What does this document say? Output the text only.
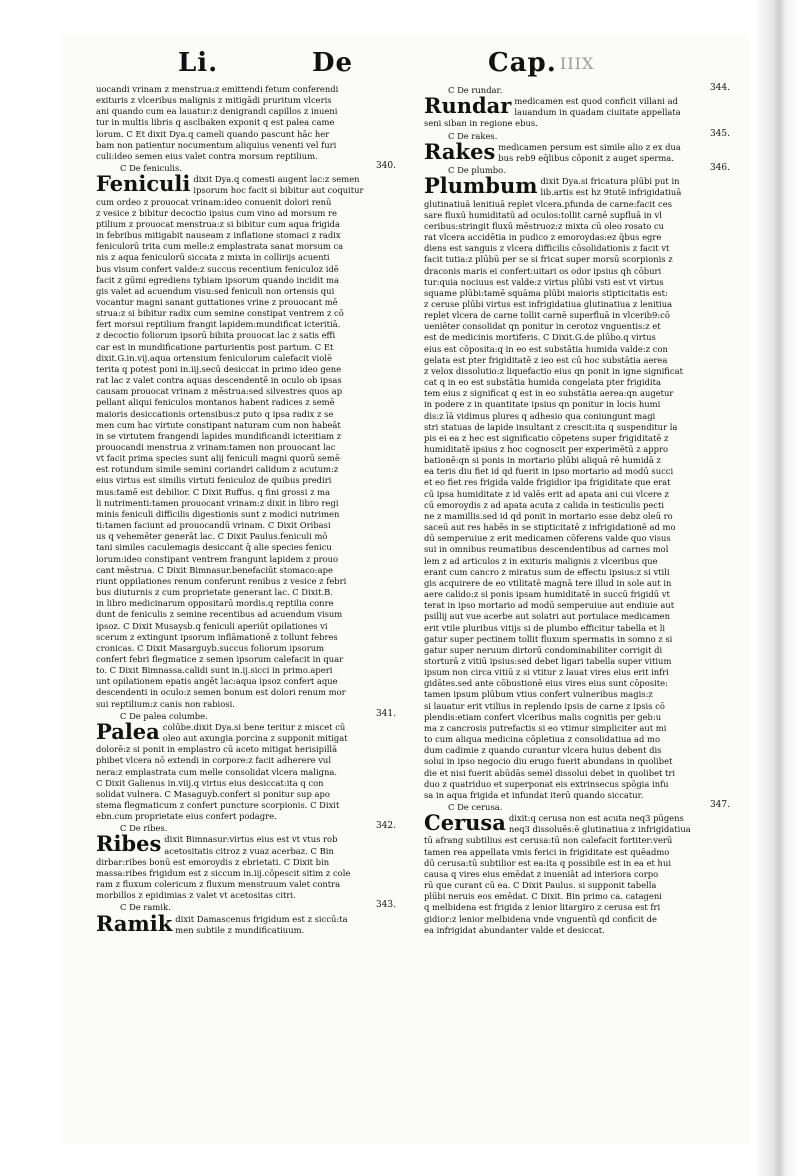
Li.	De	Cap. IIIX
uocandi vrinam z menstrua:z emittendi fetum conferendi
exituris z vlceribus malignis z mitigādi pruritum vlceris
ani quando cum ea lauatur:z denigrandi capillos z inueni
tur in multis libris q asclbaken exponit q est palea came
lorum. C Et dixit Dya.q cameli quando pascunt hāc her
bam non patientur nocumentum aliquius venenti vel furi
culi:ideo semen eius valet contra morsum reptilium.
C De feniculis.	340.
Feniculi dixit Dya.q comesti augent lac:z semen
ipsorum hoc facit si bibitur aut coquitur
cum ordeo z prouocat vrinam:ideo conuenit dolori renū
z vesice z bibitur decoctio ipsius cum vino ad morsum re
ptilium z prouocat menstrua:z si bibitur cum aqua frigida
in febribus mitigabit nauseam z inflatione stomaci z radix
feniculorū trita cum melle:z emplastrata sanat morsum ca
nis z aqua feniculorū siccata z mixta in collirijs acuenti
bus visum confert valde:z succus recentium feniculoz idē
facit z gūmi egrediens tybiam ipsorum quando incidit ma
gis valet ad acuendum visu:sed feniculi non ortensis qui
vocantur magni sanant guttationes vrine z prouocant mē
strua:z si bibitur radix cum semine constipat ventrem z cō
fert morsui reptilium frangit lapidem:mundificat icteritiā.
z decoctio foliorum ipsorū bibita prouocat lac z satis effi
car est in mundificatione parturientis post partum. C Et
dixit.G.in.vij.aqua ortensium feniculorum calefacit violē
terita q potest poni in.iij.secū desiccat in primo ideo gene
rat lac z valet contra aquas descendentē in oculo ob ipsas
causam prouocat vrinam z mēstrua:sed silvestres quos ap
pellant aliqui feniculos montanos habent radices z semē
maioris desiccationis ortensibus:z puto q ipsa radix z se
men cum hac virtute constipant naturam cum non habeāt
in se virtutem frangendi lapides mundificandi icteritiam z
prouocandi menstrua z vrinam:tamen non prouocant lac
vt facit prima species sunt alij feniculi magni quorū semē
est rotundum simile semini coriandri calidum z acutum:z
eius virtus est similis virtuti feniculoz de quibus prediri
mus:tamē est debilior. C Dixit Ruffus. q fini grossi z ma
li nutrimenti:tamen prouocant vrinam:z dixit in libro regi
minis feniculi difficilis digestionis sunt z modici nutrimen
ti:tamen faciunt ad prouocandū vrinam. C Dixit Oribasi
us q vehemēter generāt lac. C Dixit Paulus.feniculi mō
tani similes caculemagis desiccant q̄ alie species fenicu
lorum:ideo constipant ventrem frangunt lapidem z prouo
cant mēstrua. C Dixit Bimnasur.benefaciūt stomaco:ape
riunt oppilationes renum conferunt renibus z vesice z febri
bus diuturnis z cum proprietate generant lac. C Dixit.B.
in libro medicinarum oppositarū mordis.q reptilia conre
dunt de feniculis z semine recentibus ad acuendum visum
ipsoz. C Dixit Musaysb.q feniculi aperiūt opilationes vi
scerum z extingunt ipsorum inflāmationē z tollunt febres
cronicas. C Dixit Masarguyb.succus foliorum ipsorum
confert febri flegmatice z semen ipsorum calefacit in quar
to. C Dixit Bimnassa.calidi sunt in.ij.sicci in primo.aperi
unt opilationem epatis angēt lac:aqua ipsoz confert aque
descendenti in oculo:z semen bonum est dolori renum mor
sui reptilium:z canis non rabiosi.
C De palea columbe.	341.
Palea colūbe.dixit Dya.si bene teritur z miscet cū
oleo aut axungia porcina z supponit mitigat
dolorē:z si ponit in emplastro cū aceto mitigat herisipillā
phibet vlcera nō extendi in corpore:z facit adherere vul
nera:z emplastrata cum melle consolidat vlcera maligna.
C Dixit Galienus in.viij.q virtus eius desiccat:ita q con
solidat vulnera. C Masaguyb.confert si ponitur sup apo
stema flegmaticum z confert puncture scorpionis. C Dixit
ebn.cum proprietate eius confert podagre.
C De ribes.	342.
Ribes dixit Bimnasur:virtus eius est vt vtus rob
acetositatis citroz z vuaz acerbaz. C Bin
dirbar:ribes bonū est emoroydis z ebrietati. C Dixit bin
massa:ribes frigidum est z siccum in.iij.cōpescit sitim z cole
ram z fluxum colericum z fluxum menstruum valet contra
morbillos z epidimias z valet vt acetositas citri.
C De ramik.	343.
Ramik dixit Damascenus frigidum est z siccū:ta
men subtile z mundificatiuum.
C De rundar.	344.
Rundar medicamen est quod conficit villani ad
lauandum in quadam ciuitate appellata
seni siban in regione ebus.
C De rakes.	345.
Rakes medicamen persum est simile alio z ex dua
bus reb9 eq̄libus cōponit z auget sperma.
C De plumbo.	346.
Plumbum dixit Dya.si fricatura plūbi put in
lib.artis est hz 9tutē infrigidatiuā
glutinatiuā lenitiuā replet vlcera.pfunda de carne:facit ces
sare fluxū humiditatū ad oculos:tollit carnē supfluā in vl
ceribus:stringit fluxū mēstruoz:z mixta cū oleo rosato cu
rat vlcera accidētia in pudico z emoroydas:ez q̄bus egre
diens est sanguis z vlcera difficilis cōsolidationis z facit vt
facit tutia:z plūbū per se si fricat super morsū scorpionis z
draconis maris ei confert:uitari os odor ipsius qh cōburi
tur:quia nociuus est valde:z virtus plūbi vsti est vt virtus
squame plūbi:tamē squāma plūbi maioris stipticitatis est:
z ceruse plūbi virtus est infrigidatiua glutinatiua z lenitiua
replet vlcera de carne tollit carnē superfluā in vlcerib9:cō
ueniēter consolidat qn ponitur in cerotoz vnguentis:z et
est de medicinis mortiferis. C Dixit.G.de plūbo.q virtus
eius est cōposita:q in eo est substātia humida valde:z con
gelata est pter frigiditatē z ieo est cū hoc substātia aerea
z velox dissolutio:z liquefactio eius qn ponit in igne significat
cat q in eo est substātia humida congelata pter frigidita
tem eius z significat q est in eo substātia aerea:qn augetur
in podere z in quantitate ipsius qn ponitur in locis humi
dis:z īā vidimus plures q adhesio qua coniungunt magi
stri statuas de lapide insultant z crescit:ita q suspenditur la
pis ei ea z hec est significatio cōpetens super frigiditatē z
humiditatē ipsius z hoc cognoscit per experimētū z appro
bationē:qn si ponis in mortario plūbi aliquā rē humidā z
ea teris diu fiet id qd fuerit in ipso mortario ad modū succi
et eo fiet res frigida valde frigidior ipa frigiditate que erat
cū ipsa humiditate z id valēs erit ad apata ani cui vlcere z
cū emoroydis z ad apata acuta z calida in testiculis pecti
ne z mamillis.sed id qd ponit in mortario esse debz oleū ro
saceū aut res habēs in se stipticitatē z infrigidationē ad mo
dū semperuiue z erit medicamen cōferens valde quo visus
sui in omnibus reumatibus descendentibus ad carnes mol
lem z ad articulos z in exituris malignis z vlceribus que
erant cum cancro z miratus sum de effectu ipsius:z si vtili
gis acquirere de eo vtilitatē magnā tere illud in sole aut in
aere calido:z si ponis ipsam humiditatē in succū frigidū vt
terat in ipso mortario ad modū semperuiue aut endiuie aut
psillij aut vue acerbe aut solatri aut portulace medicamen
erit vtile pluribus vitijs si de plumbo efficitur tabella et li
gatur super pectinem tollit fluxum spermatis in somno z si
gatur super neruum dirtorū condominabiliter corrigit di
storturā z vitiū ipsius:sed debet ligari tabella super vitium
ipsum non circa vitiū z si vtitur z lauat vires eius erit infri
gidātes.sed ante cōbustionē eius vires eius sunt cōposite:
tamen ipsum plūbum vtius confert vulneribus magis:z
si lauatur erit vtilius in replendo ipsis de carne z ipsis cō
plendis:etiam confert vlceribus malis cognitis per geb:u
ma z cancrosis putrefactis si eo vtimur simpliciter aut mi
to cum aliqua medicina cōpletiua z consolidatiua ad mo
dum cadimie z quando curantur vlcera huius debent dis
solui in ipso negocio diu erugo fuerit abundans in quolibet
die et nisi fuerit abūdās semel dissolui debet in quolibet tri
duo z quatriduo et superponat eis extrinsecus spōgia infu
sa in aqua frigida et infundat iterū quando siccatur.
C De cerusa.	347.
Cerusa dixit:q cerusa non est acuta neq3 pūgens
neq3 dissoluēs:ē glutinatiua z infrigidatiua
tū afrang subtilius est cerusa:tū non calefacit fortiter:verū
tamen rea appellata vmis ferici in frigiditate est quēadmo
dū cerusa:tū subtilior est ea:ita q possibile est in ea et hui
causa q vires eius emēdat z inueniāt ad interiora corpo
rū que curant cū ea. C Dixit Paulus. si supponit tabella
plūbi neruis eos emēdat. C Dixit. Bin primo ca. catageni
q melbidena est frigida z lenior litargiro z cerusa est fri
gidior:z lenior melbidena vnde vnguentū qd conficit de
ea infrigidat abundanter valde et desiccat.
